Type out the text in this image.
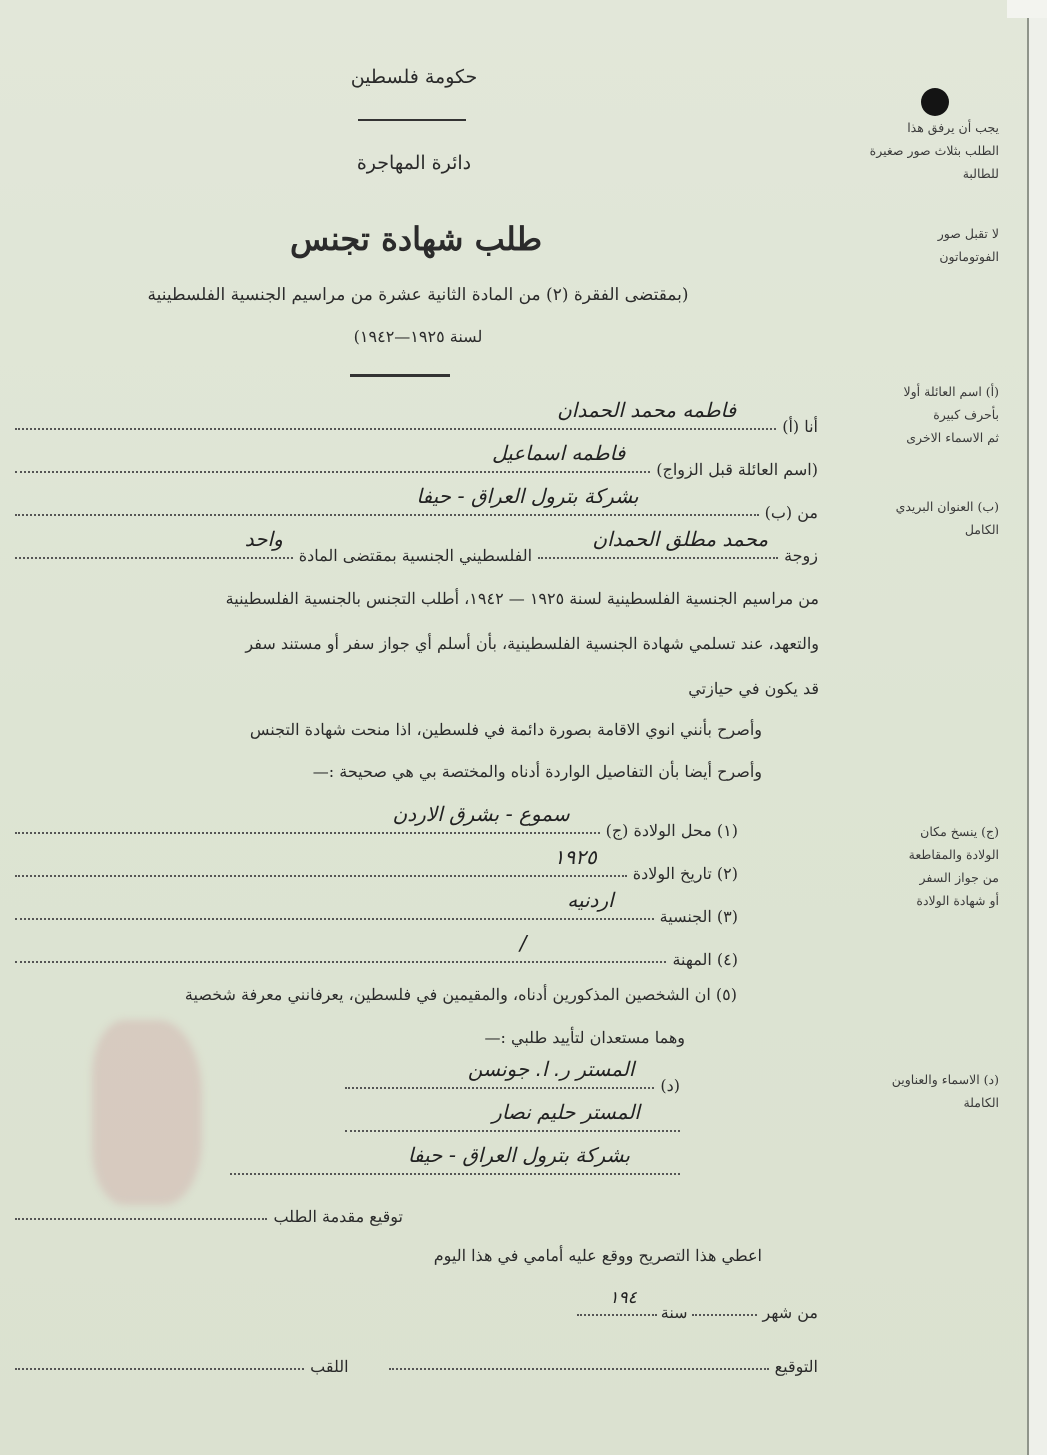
حكومة فلسطين
دائرة المهاجرة
طلب شهادة تجنس
(بمقتضى الفقرة (٢) من المادة الثانية عشرة من مراسيم الجنسية الفلسطينية
لسنة ١٩٢٥—١٩٤٢)
يجب أن يرفق هذا
الطلب بثلاث صور صغيرة
للطالبة
لا تقبل صور
الفوتوماتون
(أ) اسم العائلة أولا
بأحرف كبيرة
ثم الاسماء الاخرى
(ب) العنوان البريدي
الكامل
(ج) ينسخ مكان
الولادة والمقاطعة
من جواز السفر
أو شهادة الولادة
(د) الاسماء والعناوين
الكاملة
أنا (أ)
فاطمه محمد الحمدان
(اسم العائلة قبل الزواج)
فاطمه اسماعيل
من (ب)
بشركة بترول العراق - حيفا
زوجة
محمد مطلق الحمدان
الفلسطيني الجنسية بمقتضى المادة
واحد
من مراسيم الجنسية الفلسطينية لسنة ١٩٢٥ — ١٩٤٢، أطلب التجنس بالجنسية الفلسطينية
والتعهد، عند تسلمي شهادة الجنسية الفلسطينية، بأن أسلم أي جواز سفر أو مستند سفر
قد يكون في حيازتي
وأصرح بأنني انوي الاقامة بصورة دائمة في فلسطين، اذا منحت شهادة التجنس
وأصرح أيضا بأن التفاصيل الواردة أدناه والمختصة بي هي صحيحة :—
(١) محل الولادة (ج)
سموع - بشرق الاردن
(٢) تاريخ الولادة
١٩٢٥
(٣) الجنسية
اردنيه
(٤) المهنة
/
(٥) ان الشخصين المذكورين أدناه، والمقيمين في فلسطين، يعرفانني معرفة شخصية
وهما مستعدان لتأييد طلبي :—
(د)
المستر ر. ا. جونسن
المستر حليم نصار
بشركة بترول العراق - حيفا
توقيع مقدمة الطلب
اعطي هذا التصريح ووقع عليه أمامي في هذا اليوم
من شهر
سنة
١٩٤
التوقيع
اللقب
